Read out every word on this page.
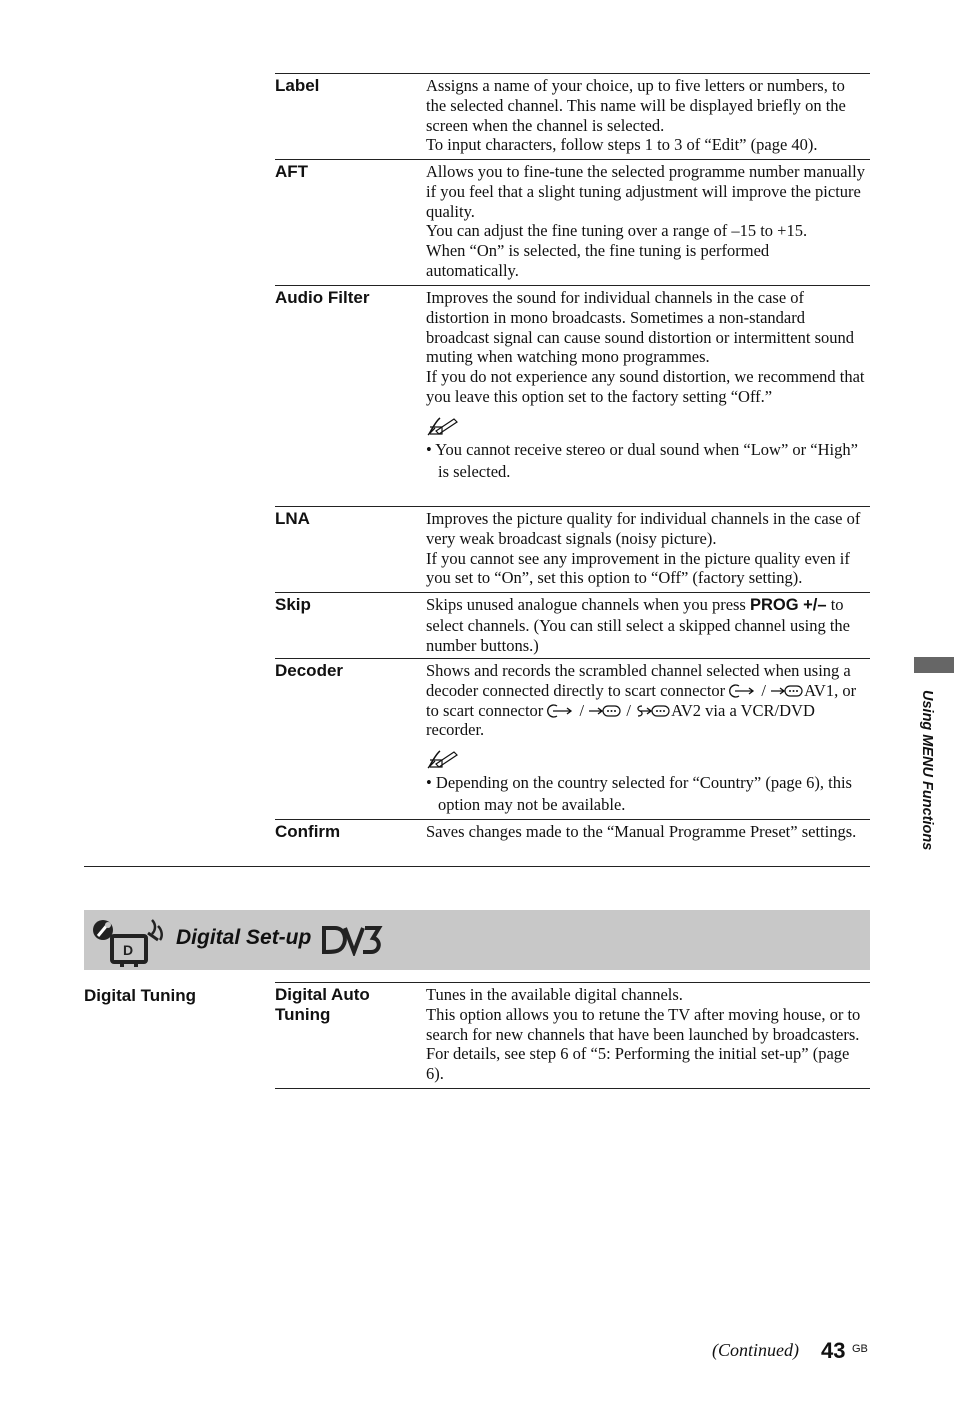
Label	Assigns a name of your choice, up to five letters or numbers, to the selected channel. This name will be displayed briefly on the screen when the channel is selected.

To input characters, follow steps 1 to 3 of “Edit” (page 40).

AFT	Allows you to fine-tune the selected programme number manually if you feel that a slight tuning adjustment will improve the picture quality.

You can adjust the fine tuning over a range of –15 to +15.

When “On” is selected, the fine tuning is performed automatically.

Audio Filter	Improves the sound for individual channels in the case of distortion in mono broadcasts. Sometimes a non-standard broadcast signal can cause sound distortion or intermittent sound muting when watching mono programmes.

If you do not experience any sound distortion, we recommend that you leave this option set to the factory setting “Off.”

• You cannot receive stereo or dual sound when “Low” or “High” is selected.

LNA	Improves the picture quality for individual channels in the case of very weak broadcast signals (noisy picture).

If you cannot see any improvement in the picture quality even if you set to “On”, set this option to “Off” (factory setting).

Skip	Skips unused analogue channels when you press PROG +/– to select channels. (You can still select a skipped channel using the number buttons.)

Decoder	Shows and records the scrambled channel selected when using a decoder connected directly to scart connector  / AV1, or to scart connector  /  / AV2 via a VCR/DVD recorder.

• Depending on the country selected for “Country” (page 6), this option may not be available.

Confirm	Saves changes made to the “Manual Programme Preset” settings.

D
Digital Set-up
Digital Tuning	Digital Auto Tuning

Tunes in the available digital channels.

This option allows you to retune the TV after moving house, or to search for new channels that have been launched by broadcasters. For details, see step 6 of “5: Performing the initial set-up” (page 6).

Using MENU Functions
(Continued) 43 GB
